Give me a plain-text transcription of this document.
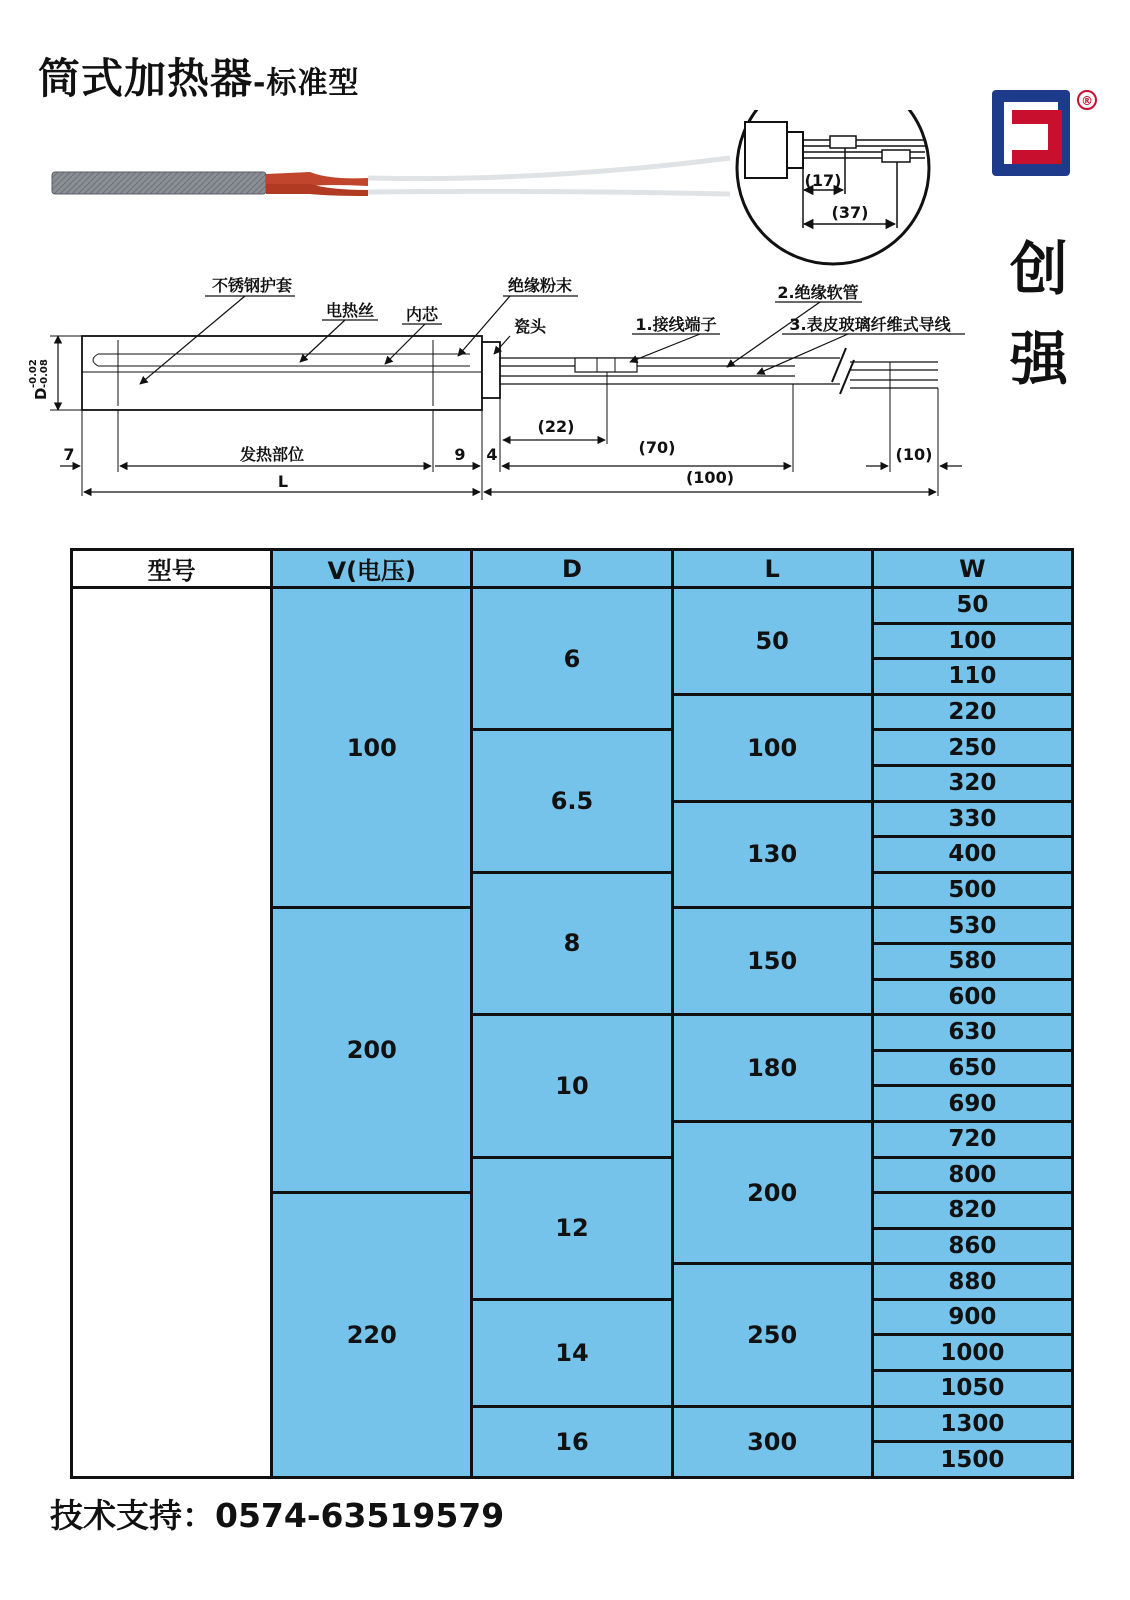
筒式加热器-标准型	®
创
强
(17)
(37)
不锈钢护套
电热丝 内芯
绝缘粉末
瓷头	1.接线端子
2.绝缘软管
3.表皮玻璃纤维式导线
D
-0.02 -0.08
7	发热部位	9 4
(22)
(70)	(10)
L	(100)
型号	V(电压)	D	L	W
	100	6	50	50
				100
				110
			100	220
		6.5		250
				320
			130	330
				400
		8		500
	200		150	530
				580
				600
		10	180	630
				650
				690
			200	720
		12		800
	220			820
				860
			250	880
		14		900
				1000
				1050
		16	300	1300
				1500
技术支持：0574-63519579
